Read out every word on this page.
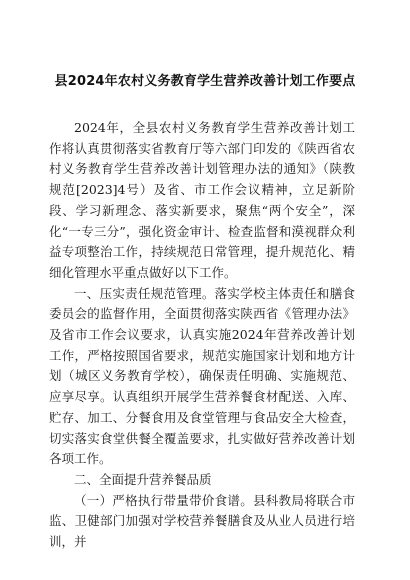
县2024年农村义务教育学生营养改善计划工作要点

2024年，全县农村义务教育学生营养改善计划工作将认真贯彻落实省教育厅等六部门印发的《陕西省农村义务教育学生营养改善计划管理办法的通知》（陕教规范[2023]4号）及省、市工作会议精神，立足新阶段、学习新理念、落实新要求，聚焦“两个安全”，深化“一专三分”，强化资金审计、检查监督和漠视群众利益专项整治工作，持续规范日常管理，提升规范化、精细化管理水平重点做好以下工作。

一、压实责任规范管理。落实学校主体责任和膳食委员会的监督作用，全面贯彻落实陕西省《管理办法》及省市工作会议要求，认真实施2024年营养改善计划工作，严格按照国省要求，规范实施国家计划和地方计划（城区义务教育学校），确保责任明确、实施规范、应享尽享。认真组织开展学生营养餐食材配送、入库、贮存、加工、分餐食用及食堂管理与食品安全大检查，切实落实食堂供餐全覆盖要求，扎实做好营养改善计划各项工作。

二、全面提升营养餐品质

（一）严格执行带量带价食谱。县科教局将联合市监、卫健部门加强对学校营养餐膳食及从业人员进行培训，并
